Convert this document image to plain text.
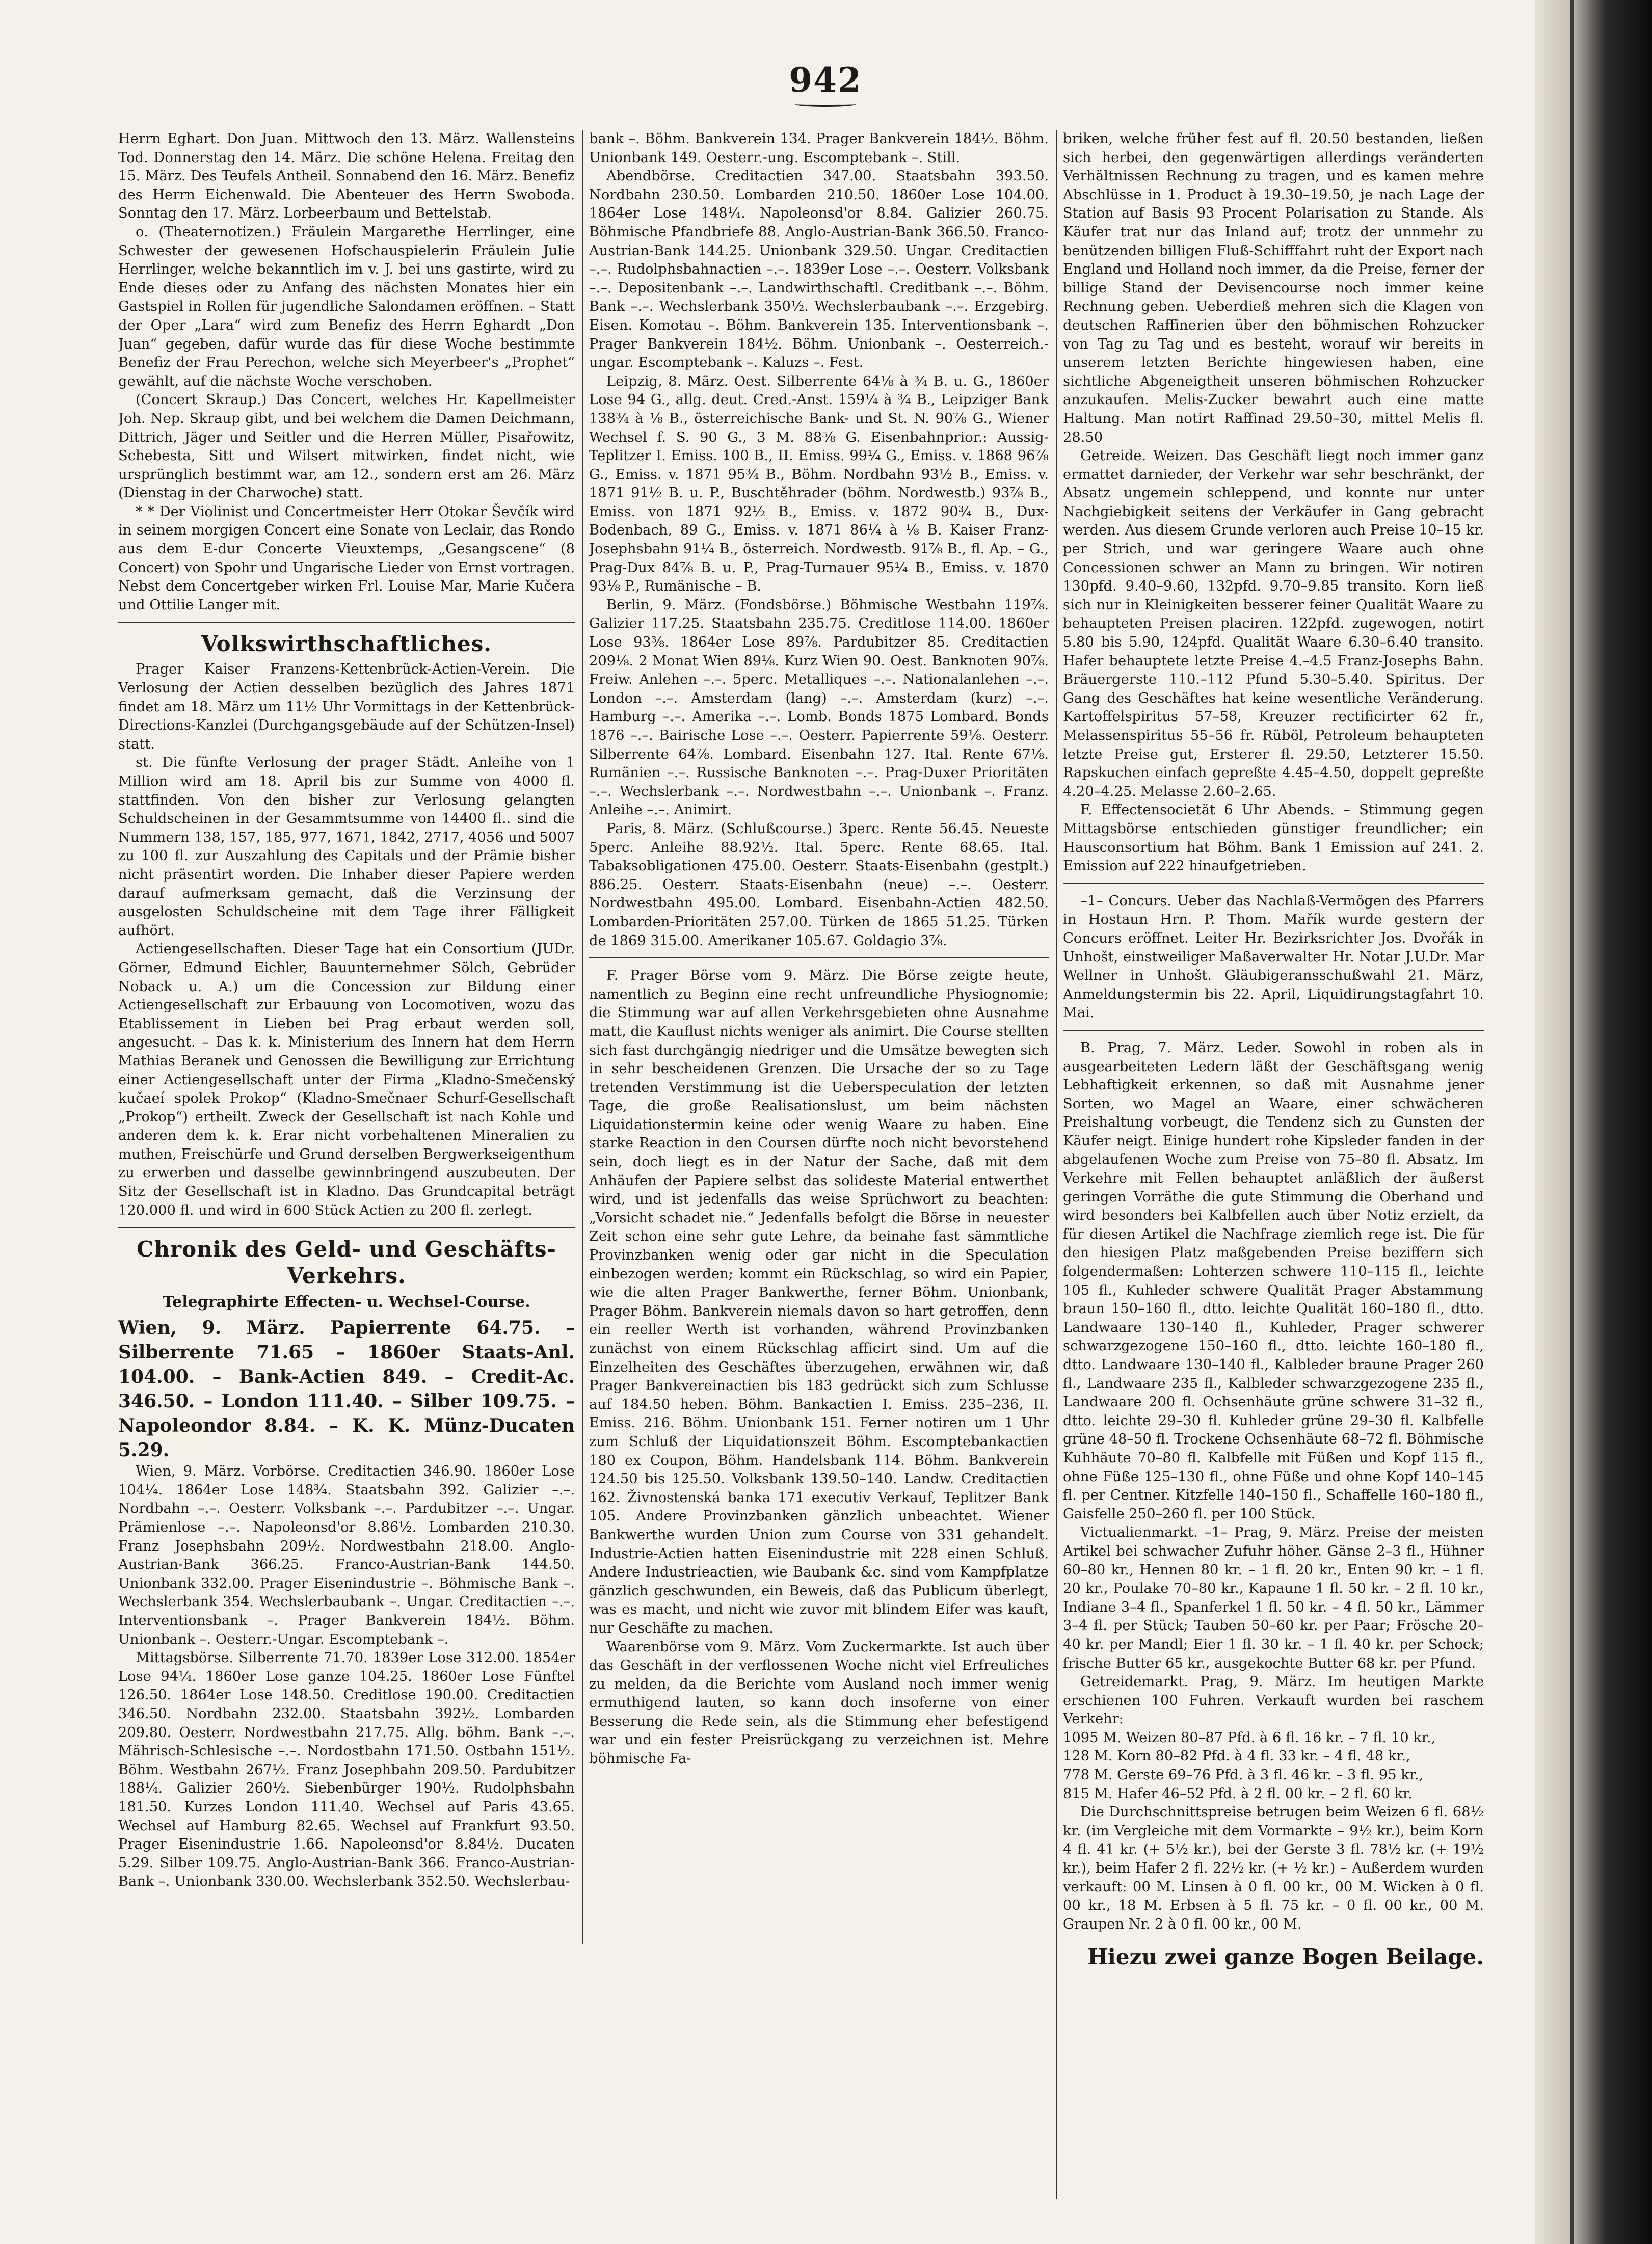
942

Herrn Eghart. Don Juan. Mittwoch den 13. März. Wallensteins Tod. Donnerstag den 14. März. Die schöne Helena. Freitag den 15. März. Des Teufels Antheil. Sonnabend den 16. März. Benefiz des Herrn Eichenwald. Die Abenteuer des Herrn Swoboda. Sonntag den 17. März. Lorbeerbaum und Bettelstab.

o. (Theaternotizen.) Fräulein Margarethe Herrlinger, eine Schwester der gewesenen Hofschauspielerin Fräulein Julie Herrlinger, welche bekanntlich im v. J. bei uns gastirte, wird zu Ende dieses oder zu Anfang des nächsten Monates hier ein Gastspiel in Rollen für jugendliche Salondamen eröffnen. – Statt der Oper „Lara“ wird zum Benefiz des Herrn Eghardt „Don Juan“ gegeben, dafür wurde das für diese Woche bestimmte Benefiz der Frau Perechon, welche sich Meyerbeer's „Prophet“ gewählt, auf die nächste Woche verschoben.

(Concert Skraup.) Das Concert, welches Hr. Kapellmeister Joh. Nep. Skraup gibt, und bei welchem die Damen Deichmann, Dittrich, Jäger und Seitler und die Herren Müller, Pisařowitz, Schebesta, Sitt und Wilsert mitwirken, findet nicht, wie ursprünglich bestimmt war, am 12., sondern erst am 26. März (Dienstag in der Charwoche) statt.

* * Der Violinist und Concertmeister Herr Otokar Ševčík wird in seinem morgigen Concert eine Sonate von Leclair, das Rondo aus dem E-dur Concerte Vieuxtemps, „Gesangscene“ (8 Concert) von Spohr und Ungarische Lieder von Ernst vortragen. Nebst dem Concertgeber wirken Frl. Louise Mar, Marie Kučera und Ottilie Langer mit.

Volkswirthschaftliches.

Prager Kaiser Franzens-Kettenbrück-Actien-Verein. Die Verlosung der Actien desselben bezüglich des Jahres 1871 findet am 18. März um 11½ Uhr Vormittags in der Kettenbrück-Directions-Kanzlei (Durchgangsgebäude auf der Schützen-Insel) statt.

st. Die fünfte Verlosung der prager Städt. Anleihe von 1 Million wird am 18. April bis zur Summe von 4000 fl. stattfinden. Von den bisher zur Verlosung gelangten Schuldscheinen in der Gesammtsumme von 14400 fl.. sind die Nummern 138, 157, 185, 977, 1671, 1842, 2717, 4056 und 5007 zu 100 fl. zur Auszahlung des Capitals und der Prämie bisher nicht präsentirt worden. Die Inhaber dieser Papiere werden darauf aufmerksam gemacht, daß die Verzinsung der ausgelosten Schuldscheine mit dem Tage ihrer Fälligkeit aufhört.

Actiengesellschaften. Dieser Tage hat ein Consortium (JUDr. Görner, Edmund Eichler, Bauunternehmer Sölch, Gebrüder Noback u. A.) um die Concession zur Bildung einer Actiengesellschaft zur Erbauung von Locomotiven, wozu das Etablissement in Lieben bei Prag erbaut werden soll, angesucht. – Das k. k. Ministerium des Innern hat dem Herrn Mathias Beranek und Genossen die Bewilligung zur Errichtung einer Actiengesellschaft unter der Firma „Kladno-Smečenský kučaeí spolek Prokop“ (Kladno-Smečnaer Schurf-Gesellschaft „Prokop“) ertheilt. Zweck der Gesellschaft ist nach Kohle und anderen dem k. k. Erar nicht vorbehaltenen Mineralien zu muthen, Freischürfe und Grund derselben Bergwerkseigenthum zu erwerben und dasselbe gewinnbringend auszubeuten. Der Sitz der Gesellschaft ist in Kladno. Das Grundcapital beträgt 120.000 fl. und wird in 600 Stück Actien zu 200 fl. zerlegt.

Chronik des Geld- und Geschäfts-Verkehrs.
Telegraphirte Effecten- u. Wechsel-Course.

Wien, 9. März. Papierrente 64.75. – Silberrente 71.65 – 1860er Staats-Anl. 104.00. – Bank-Actien 849. – Credit-Ac. 346.50. – London 111.40. – Silber 109.75. – Napoleondor 8.84. – K. K. Münz-Ducaten 5.29.

Wien, 9. März. Vorbörse. Creditactien 346.90. 1860er Lose 104¼. 1864er Lose 148¾. Staatsbahn 392. Galizier –.–. Nordbahn –.–. Oesterr. Volksbank –.–. Pardubitzer –.–. Ungar. Prämienlose –.–. Napoleonsd'or 8.86½. Lombarden 210.30. Franz Josephsbahn 209½. Nordwestbahn 218.00. Anglo-Austrian-Bank 366.25. Franco-Austrian-Bank 144.50. Unionbank 332.00. Prager Eisenindustrie –. Böhmische Bank –. Wechslerbank 354. Wechslerbaubank –. Ungar. Creditactien –.–. Interventionsbank –. Prager Bankverein 184½. Böhm. Unionbank –. Oesterr.-Ungar. Escomptebank –.

Mittagsbörse. Silberrente 71.70. 1839er Lose 312.00. 1854er Lose 94¼. 1860er Lose ganze 104.25. 1860er Lose Fünftel 126.50. 1864er Lose 148.50. Creditlose 190.00. Creditactien 346.50. Nordbahn 232.00. Staatsbahn 392½. Lombarden 209.80. Oesterr. Nordwestbahn 217.75. Allg. böhm. Bank –.–. Mährisch-Schlesische –.–. Nordostbahn 171.50. Ostbahn 151½. Böhm. Westbahn 267½. Franz Josephbahn 209.50. Pardubitzer 188¼. Galizier 260½. Siebenbürger 190½. Rudolphsbahn 181.50. Kurzes London 111.40. Wechsel auf Paris 43.65. Wechsel auf Hamburg 82.65. Wechsel auf Frankfurt 93.50. Prager Eisenindustrie 1.66. Napoleonsd'or 8.84½. Ducaten 5.29. Silber 109.75. Anglo-Austrian-Bank 366. Franco-Austrian-Bank –. Unionbank 330.00. Wechslerbank 352.50. Wechslerbau-

bank –. Böhm. Bankverein 134. Prager Bankverein 184½. Böhm. Unionbank 149. Oesterr.-ung. Escomptebank –. Still.

Abendbörse. Creditactien 347.00. Staatsbahn 393.50. Nordbahn 230.50. Lombarden 210.50. 1860er Lose 104.00. 1864er Lose 148¼. Napoleonsd'or 8.84. Galizier 260.75. Böhmische Pfandbriefe 88. Anglo-Austrian-Bank 366.50. Franco-Austrian-Bank 144.25. Unionbank 329.50. Ungar. Creditactien –.–. Rudolphsbahnactien –.–. 1839er Lose –.–. Oesterr. Volksbank –.–. Depositenbank –.–. Landwirthschaftl. Creditbank –.–. Böhm. Bank –.–. Wechslerbank 350½. Wechslerbaubank –.–. Erzgebirg. Eisen. Komotau –. Böhm. Bankverein 135. Interventionsbank –. Prager Bankverein 184½. Böhm. Unionbank –. Oesterreich.-ungar. Escomptebank –. Kaluzs –. Fest.

Leipzig, 8. März. Oest. Silberrente 64⅛ à ¾ B. u. G., 1860er Lose 94 G., allg. deut. Cred.-Anst. 159¼ à ¾ B., Leipziger Bank 138¾ à ⅛ B., österreichische Bank- und St. N. 90⅞ G., Wiener Wechsel f. S. 90 G., 3 M. 88⅝ G. Eisenbahnprior.: Aussig-Teplitzer I. Emiss. 100 B., II. Emiss. 99¼ G., Emiss. v. 1868 96⅞ G., Emiss. v. 1871 95¾ B., Böhm. Nordbahn 93½ B., Emiss. v. 1871 91½ B. u. P., Buschtěhrader (böhm. Nordwestb.) 93⅞ B., Emiss. von 1871 92½ B., Emiss. v. 1872 90¾ B., Dux-Bodenbach, 89 G., Emiss. v. 1871 86¼ à ⅛ B. Kaiser Franz-Josephsbahn 91¼ B., österreich. Nordwestb. 91⅞ B., fl. Ap. – G., Prag-Dux 84⅞ B. u. P., Prag-Turnauer 95¼ B., Emiss. v. 1870 93⅛ P., Rumänische – B.

Berlin, 9. März. (Fondsbörse.) Böhmische Westbahn 119⅞. Galizier 117.25. Staatsbahn 235.75. Creditlose 114.00. 1860er Lose 93⅜. 1864er Lose 89⅞. Pardubitzer 85. Creditactien 209⅛. 2 Monat Wien 89⅛. Kurz Wien 90. Oest. Banknoten 90⅞. Freiw. Anlehen –.–. 5perc. Metalliques –.–. Nationalanlehen –.–. London –.–. Amsterdam (lang) –.–. Amsterdam (kurz) –.–. Hamburg –.–. Amerika –.–. Lomb. Bonds 1875 Lombard. Bonds 1876 –.–. Bairische Lose –.–. Oesterr. Papierrente 59⅛. Oesterr. Silberrente 64⅞. Lombard. Eisenbahn 127. Ital. Rente 67⅛. Rumänien –.–. Russische Banknoten –.–. Prag-Duxer Prioritäten –.–. Wechslerbank –.–. Nordwestbahn –.–. Unionbank –. Franz. Anleihe –.–. Animirt.

Paris, 8. März. (Schlußcourse.) 3perc. Rente 56.45. Neueste 5perc. Anleihe 88.92½. Ital. 5perc. Rente 68.65. Ital. Tabaksobligationen 475.00. Oesterr. Staats-Eisenbahn (gestplt.) 886.25. Oesterr. Staats-Eisenbahn (neue) –.–. Oesterr. Nordwestbahn 495.00. Lombard. Eisenbahn-Actien 482.50. Lombarden-Prioritäten 257.00. Türken de 1865 51.25. Türken de 1869 315.00. Amerikaner 105.67. Goldagio 3⅞.

F. Prager Börse vom 9. März. Die Börse zeigte heute, namentlich zu Beginn eine recht unfreundliche Physiognomie; die Stimmung war auf allen Verkehrsgebieten ohne Ausnahme matt, die Kauflust nichts weniger als animirt. Die Course stellten sich fast durchgängig niedriger und die Umsätze bewegten sich in sehr bescheidenen Grenzen. Die Ursache der so zu Tage tretenden Verstimmung ist die Ueberspeculation der letzten Tage, die große Realisationslust, um beim nächsten Liquidationstermin keine oder wenig Waare zu haben. Eine starke Reaction in den Coursen dürfte noch nicht bevorstehend sein, doch liegt es in der Natur der Sache, daß mit dem Anhäufen der Papiere selbst das solideste Material entwerthet wird, und ist jedenfalls das weise Sprüchwort zu beachten: „Vorsicht schadet nie.“ Jedenfalls befolgt die Börse in neuester Zeit schon eine sehr gute Lehre, da beinahe fast sämmtliche Provinzbanken wenig oder gar nicht in die Speculation einbezogen werden; kommt ein Rückschlag, so wird ein Papier, wie die alten Prager Bankwerthe, ferner Böhm. Unionbank, Prager Böhm. Bankverein niemals davon so hart getroffen, denn ein reeller Werth ist vorhanden, während Provinzbanken zunächst von einem Rückschlag afficirt sind. Um auf die Einzelheiten des Geschäftes überzugehen, erwähnen wir, daß Prager Bankvereinactien bis 183 gedrückt sich zum Schlusse auf 184.50 heben. Böhm. Bankactien I. Emiss. 235–236, II. Emiss. 216. Böhm. Unionbank 151. Ferner notiren um 1 Uhr zum Schluß der Liquidationszeit Böhm. Escomptebankactien 180 ex Coupon, Böhm. Handelsbank 114. Böhm. Bankverein 124.50 bis 125.50. Volksbank 139.50–140. Landw. Creditactien 162. Živnostenská banka 171 executiv Verkauf, Teplitzer Bank 105. Andere Provinzbanken gänzlich unbeachtet. Wiener Bankwerthe wurden Union zum Course von 331 gehandelt. Industrie-Actien hatten Eisenindustrie mit 228 einen Schluß. Andere Industrieactien, wie Baubank &c. sind vom Kampfplatze gänzlich geschwunden, ein Beweis, daß das Publicum überlegt, was es macht, und nicht wie zuvor mit blindem Eifer was kauft, nur Geschäfte zu machen.

Waarenbörse vom 9. März. Vom Zuckermarkte. Ist auch über das Geschäft in der verflossenen Woche nicht viel Erfreuliches zu melden, da die Berichte vom Ausland noch immer wenig ermuthigend lauten, so kann doch insoferne von einer Besserung die Rede sein, als die Stimmung eher befestigend war und ein fester Preisrückgang zu verzeichnen ist. Mehre böhmische Fa-

briken, welche früher fest auf fl. 20.50 bestanden, ließen sich herbei, den gegenwärtigen allerdings veränderten Verhältnissen Rechnung zu tragen, und es kamen mehre Abschlüsse in 1. Product à 19.30–19.50, je nach Lage der Station auf Basis 93 Procent Polarisation zu Stande. Als Käufer trat nur das Inland auf; trotz der unnmehr zu benützenden billigen Fluß-Schifffahrt ruht der Export nach England und Holland noch immer, da die Preise, ferner der billige Stand der Devisencourse noch immer keine Rechnung geben. Ueberdieß mehren sich die Klagen von deutschen Raffinerien über den böhmischen Rohzucker von Tag zu Tag und es besteht, worauf wir bereits in unserem letzten Berichte hingewiesen haben, eine sichtliche Abgeneigtheit unseren böhmischen Rohzucker anzukaufen. Melis-Zucker bewahrt auch eine matte Haltung. Man notirt Raffinad 29.50–30, mittel Melis fl. 28.50

Getreide. Weizen. Das Geschäft liegt noch immer ganz ermattet darnieder, der Verkehr war sehr beschränkt, der Absatz ungemein schleppend, und konnte nur unter Nachgiebigkeit seitens der Verkäufer in Gang gebracht werden. Aus diesem Grunde verloren auch Preise 10–15 kr. per Strich, und war geringere Waare auch ohne Concessionen schwer an Mann zu bringen. Wir notiren 130pfd. 9.40–9.60, 132pfd. 9.70–9.85 transito. Korn ließ sich nur in Kleinigkeiten besserer feiner Qualität Waare zu behaupteten Preisen placiren. 122pfd. zugewogen, notirt 5.80 bis 5.90, 124pfd. Qualität Waare 6.30–6.40 transito. Hafer behauptete letzte Preise 4.–4.5 Franz-Josephs Bahn. Bräuergerste 110.–112 Pfund 5.30–5.40. Spiritus. Der Gang des Geschäftes hat keine wesentliche Veränderung. Kartoffelspiritus 57–58, Kreuzer rectificirter 62 fr., Melassenspiritus 55–56 fr. Rüböl, Petroleum behaupteten letzte Preise gut, Ersterer fl. 29.50, Letzterer 15.50. Rapskuchen einfach gepreßte 4.45–4.50, doppelt gepreßte 4.20–4.25. Melasse 2.60–2.65.

F. Effectensocietät 6 Uhr Abends. – Stimmung gegen Mittagsbörse entschieden günstiger freundlicher; ein Hausconsortium hat Böhm. Bank 1 Emission auf 241. 2. Emission auf 222 hinaufgetrieben.

–1– Concurs. Ueber das Nachlaß-Vermögen des Pfarrers in Hostaun Hrn. P. Thom. Mařík wurde gestern der Concurs eröffnet. Leiter Hr. Bezirksrichter Jos. Dvořák in Unhošt, einstweiliger Maßaverwalter Hr. Notar J.U.Dr. Mar Wellner in Unhošt. Gläubigeransschußwahl 21. März, Anmeldungstermin bis 22. April, Liquidirungstagfahrt 10. Mai.

B. Prag, 7. März. Leder. Sowohl in roben als in ausgearbeiteten Ledern läßt der Geschäftsgang wenig Lebhaftigkeit erkennen, so daß mit Ausnahme jener Sorten, wo Magel an Waare, einer schwächeren Preishaltung vorbeugt, die Tendenz sich zu Gunsten der Käufer neigt. Einige hundert rohe Kipsleder fanden in der abgelaufenen Woche zum Preise von 75–80 fl. Absatz. Im Verkehre mit Fellen behauptet anläßlich der äußerst geringen Vorräthe die gute Stimmung die Oberhand und wird besonders bei Kalbfellen auch über Notiz erzielt, da für diesen Artikel die Nachfrage ziemlich rege ist. Die für den hiesigen Platz maßgebenden Preise beziffern sich folgendermaßen: Lohterzen schwere 110–115 fl., leichte 105 fl., Kuhleder schwere Qualität Prager Abstammung braun 150–160 fl., dtto. leichte Qualität 160–180 fl., dtto. Landwaare 130–140 fl., Kuhleder, Prager schwerer schwarzgezogene 150–160 fl., dtto. leichte 160–180 fl., dtto. Landwaare 130–140 fl., Kalbleder braune Prager 260 fl., Landwaare 235 fl., Kalbleder schwarzgezogene 235 fl., Landwaare 200 fl. Ochsenhäute grüne schwere 31–32 fl., dtto. leichte 29–30 fl. Kuhleder grüne 29–30 fl. Kalbfelle grüne 48–50 fl. Trockene Ochsenhäute 68–72 fl. Böhmische Kuhhäute 70–80 fl. Kalbfelle mit Füßen und Kopf 115 fl., ohne Füße 125–130 fl., ohne Füße und ohne Kopf 140–145 fl. per Centner. Kitzfelle 140–150 fl., Schaffelle 160–180 fl., Gaisfelle 250–260 fl. per 100 Stück.

Victualienmarkt. –1– Prag, 9. März. Preise der meisten Artikel bei schwacher Zufuhr höher. Gänse 2–3 fl., Hühner 60–80 kr., Hennen 80 kr. – 1 fl. 20 kr., Enten 90 kr. – 1 fl. 20 kr., Poulake 70–80 kr., Kapaune 1 fl. 50 kr. – 2 fl. 10 kr., Indiane 3–4 fl., Spanferkel 1 fl. 50 kr. – 4 fl. 50 kr., Lämmer 3–4 fl. per Stück; Tauben 50–60 kr. per Paar; Frösche 20–40 kr. per Mandl; Eier 1 fl. 30 kr. – 1 fl. 40 kr. per Schock; frische Butter 65 kr., ausgekochte Butter 68 kr. per Pfund.

Getreidemarkt. Prag, 9. März. Im heutigen Markte erschienen 100 Fuhren. Verkauft wurden bei raschem Verkehr:

1095 M. Weizen 80–87 Pfd. à 6 fl. 16 kr. – 7 fl. 10 kr.,

128 M. Korn 80–82 Pfd. à 4 fl. 33 kr. – 4 fl. 48 kr.,

778 M. Gerste 69–76 Pfd. à 3 fl. 46 kr. – 3 fl. 95 kr.,

815 M. Hafer 46–52 Pfd. à 2 fl. 00 kr. – 2 fl. 60 kr.

Die Durchschnittspreise betrugen beim Weizen 6 fl. 68½ kr. (im Vergleiche mit dem Vormarkte – 9½ kr.), beim Korn 4 fl. 41 kr. (+ 5½ kr.), bei der Gerste 3 fl. 78½ kr. (+ 19½ kr.), beim Hafer 2 fl. 22½ kr. (+ ½ kr.) – Außerdem wurden verkauft: 00 M. Linsen à 0 fl. 00 kr., 00 M. Wicken à 0 fl. 00 kr., 18 M. Erbsen à 5 fl. 75 kr. – 0 fl. 00 kr., 00 M. Graupen Nr. 2 à 0 fl. 00 kr., 00 M.

Hiezu zwei ganze Bogen Beilage.
